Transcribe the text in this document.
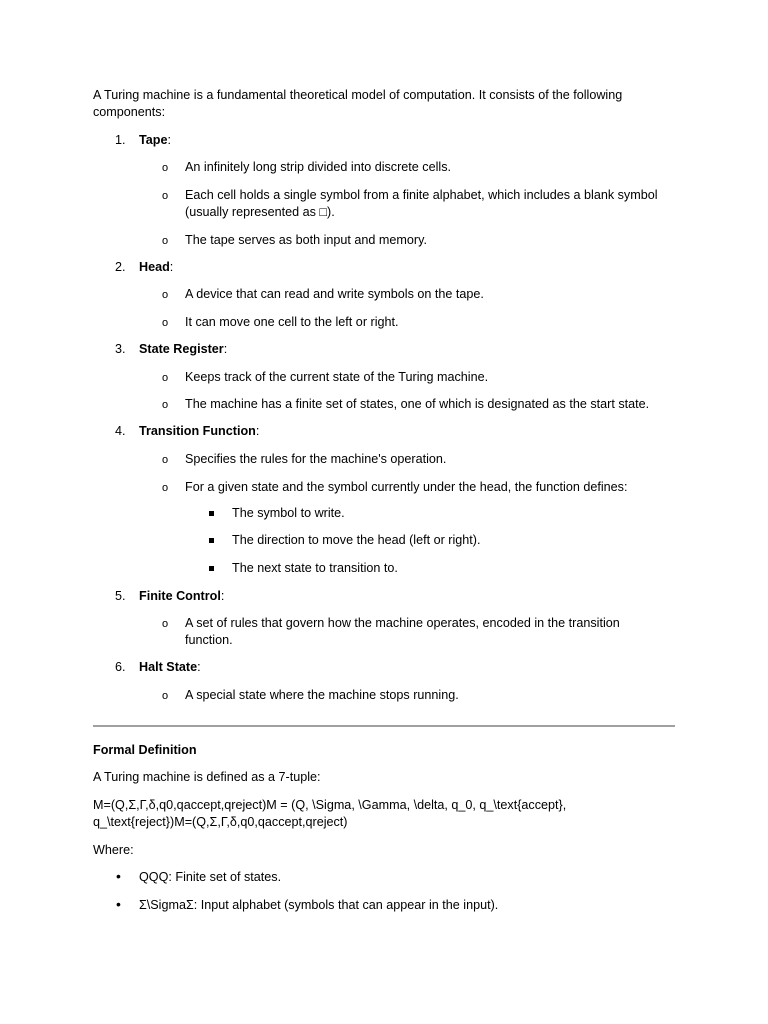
A Turing machine is a fundamental theoretical model of computation. It consists of the following
components:
1. Tape:
o An infinitely long strip divided into discrete cells.
o Each cell holds a single symbol from a finite alphabet, which includes a blank symbol
(usually represented as □).
o The tape serves as both input and memory.
2. Head:
o A device that can read and write symbols on the tape.
o It can move one cell to the left or right.
3. State Register:
o Keeps track of the current state of the Turing machine.
o The machine has a finite set of states, one of which is designated as the start state.
4. Transition Function:
o Specifies the rules for the machine's operation.
o For a given state and the symbol currently under the head, the function defines:
The symbol to write.
The direction to move the head (left or right).
The next state to transition to.
5. Finite Control:
o A set of rules that govern how the machine operates, encoded in the transition
function.
6. Halt State:
o A special state where the machine stops running.
Formal Definition
A Turing machine is defined as a 7-tuple:
M=(Q,Σ,Γ,δ,q0,qaccept,qreject)M = (Q, \Sigma, \Gamma, \delta, q_0, q_\text{accept},
q_\text{reject})M=(Q,Σ,Γ,δ,q0,qaccept,qreject)
Where:
• QQQ: Finite set of states.
• Σ\SigmaΣ: Input alphabet (symbols that can appear in the input).
